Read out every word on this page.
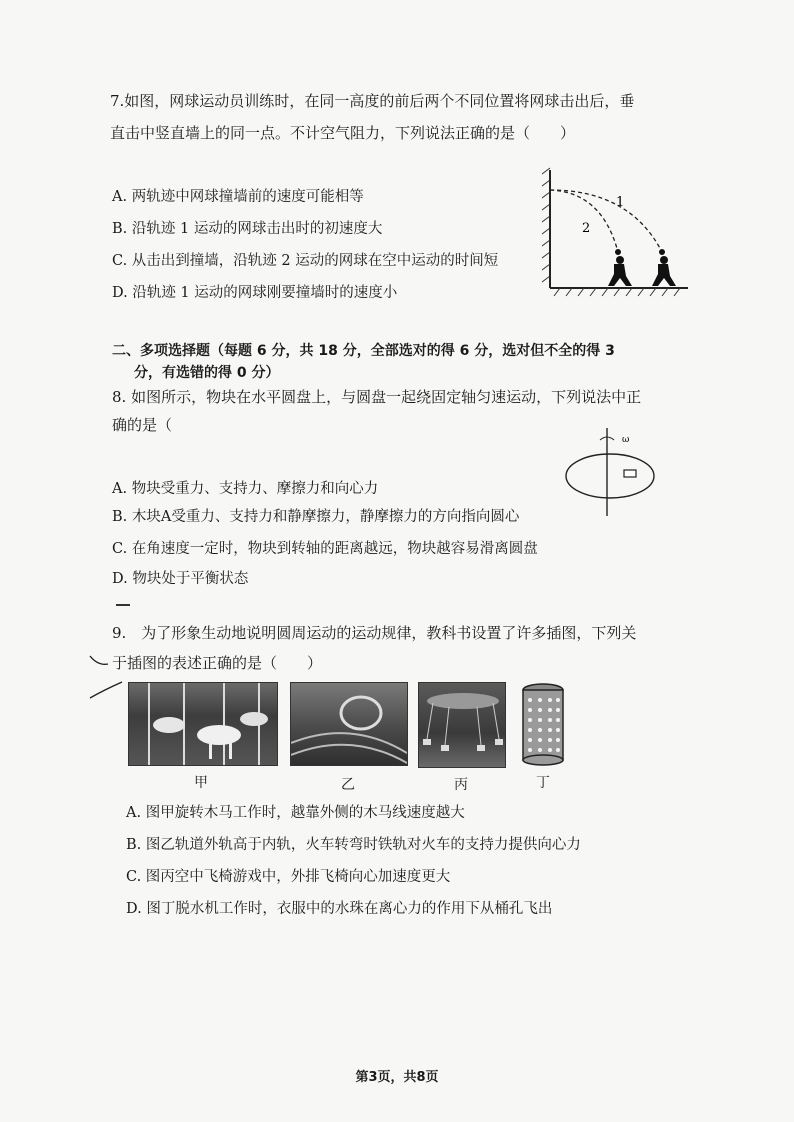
7.如图，网球运动员训练时，在同一高度的前后两个不同位置将网球击出后，垂
直击中竖直墙上的同一点。不计空气阻力，下列说法正确的是（　　）
A. 两轨迹中网球撞墙前的速度可能相等
B. 沿轨迹 1 运动的网球击出时的初速度大
C. 从击出到撞墙，沿轨迹 2 运动的网球在空中运动的时间短
D. 沿轨迹 1 运动的网球刚要撞墙时的速度小
1
2
二、多项选择题（每题 6 分，共 18 分，全部选对的得 6 分，选对但不全的得 3
分，有选错的得 0 分）
8. 如图所示，物块在水平圆盘上，与圆盘一起绕固定轴匀速运动，下列说法中正
确的是（
ω
A. 物块受重力、支持力、摩擦力和向心力
B. 木块A受重力、支持力和静摩擦力，静摩擦力的方向指向圆心
C. 在角速度一定时，物块到转轴的距离越远，物块越容易滑离圆盘
D. 物块处于平衡状态
9.　为了形象生动地说明圆周运动的运动规律，教科书设置了许多插图，下列关
于插图的表述正确的是（　　）
甲	乙	丙	丁
A. 图甲旋转木马工作时，越靠外侧的木马线速度越大
B. 图乙轨道外轨高于内轨，火车转弯时铁轨对火车的支持力提供向心力
C. 图丙空中飞椅游戏中，外排飞椅向心加速度更大
D. 图丁脱水机工作时，衣服中的水珠在离心力的作用下从桶孔飞出
第3页，共8页
